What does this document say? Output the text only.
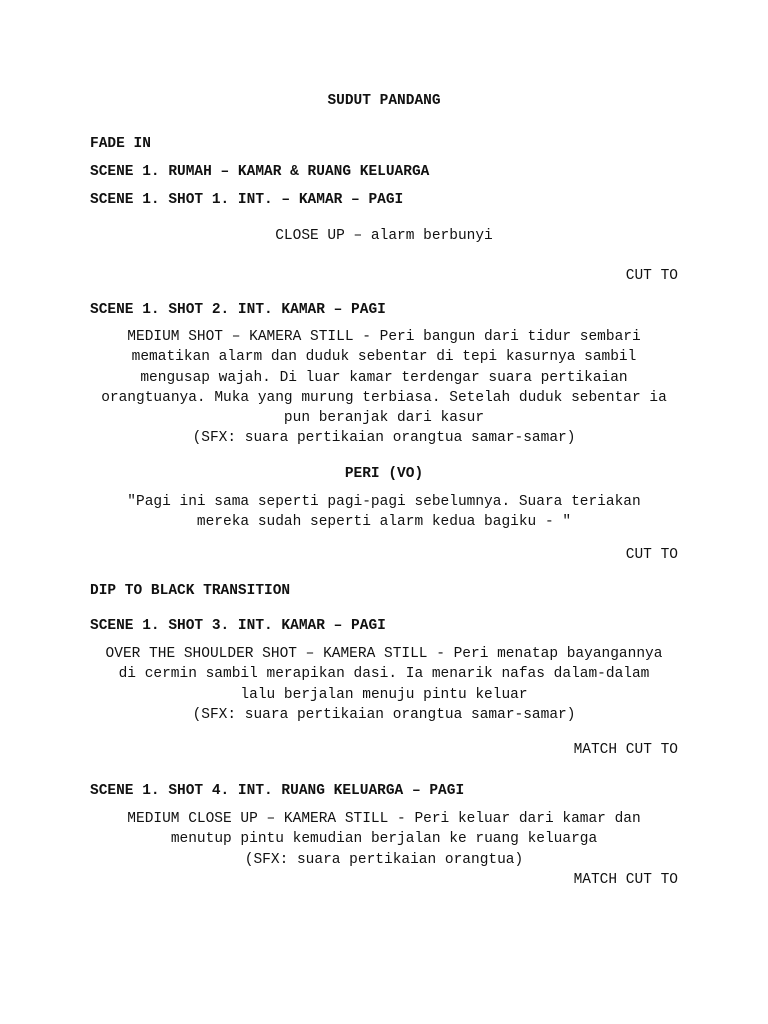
SUDUT PANDANG
FADE IN
SCENE 1. RUMAH – KAMAR & RUANG KELUARGA
SCENE 1. SHOT 1. INT. – KAMAR – PAGI
CLOSE UP – alarm berbunyi
CUT TO
SCENE 1. SHOT 2. INT. KAMAR – PAGI
MEDIUM SHOT – KAMERA STILL - Peri bangun dari tidur sembari
mematikan alarm dan duduk sebentar di tepi kasurnya sambil
mengusap wajah. Di luar kamar terdengar suara pertikaian
orangtuanya. Muka yang murung terbiasa. Setelah duduk sebentar ia
pun beranjak dari kasur
(SFX: suara pertikaian orangtua samar-samar)
PERI (VO)
"Pagi ini sama seperti pagi-pagi sebelumnya. Suara teriakan
mereka sudah seperti alarm kedua bagiku - "
CUT TO
DIP TO BLACK TRANSITION
SCENE 1. SHOT 3. INT. KAMAR – PAGI
OVER THE SHOULDER SHOT – KAMERA STILL - Peri menatap bayangannya
di cermin sambil merapikan dasi. Ia menarik nafas dalam-dalam
lalu berjalan menuju pintu keluar
(SFX: suara pertikaian orangtua samar-samar)
MATCH CUT TO
SCENE 1. SHOT 4. INT. RUANG KELUARGA – PAGI
MEDIUM CLOSE UP – KAMERA STILL - Peri keluar dari kamar dan
menutup pintu kemudian berjalan ke ruang keluarga
(SFX: suara pertikaian orangtua)
MATCH CUT TO
